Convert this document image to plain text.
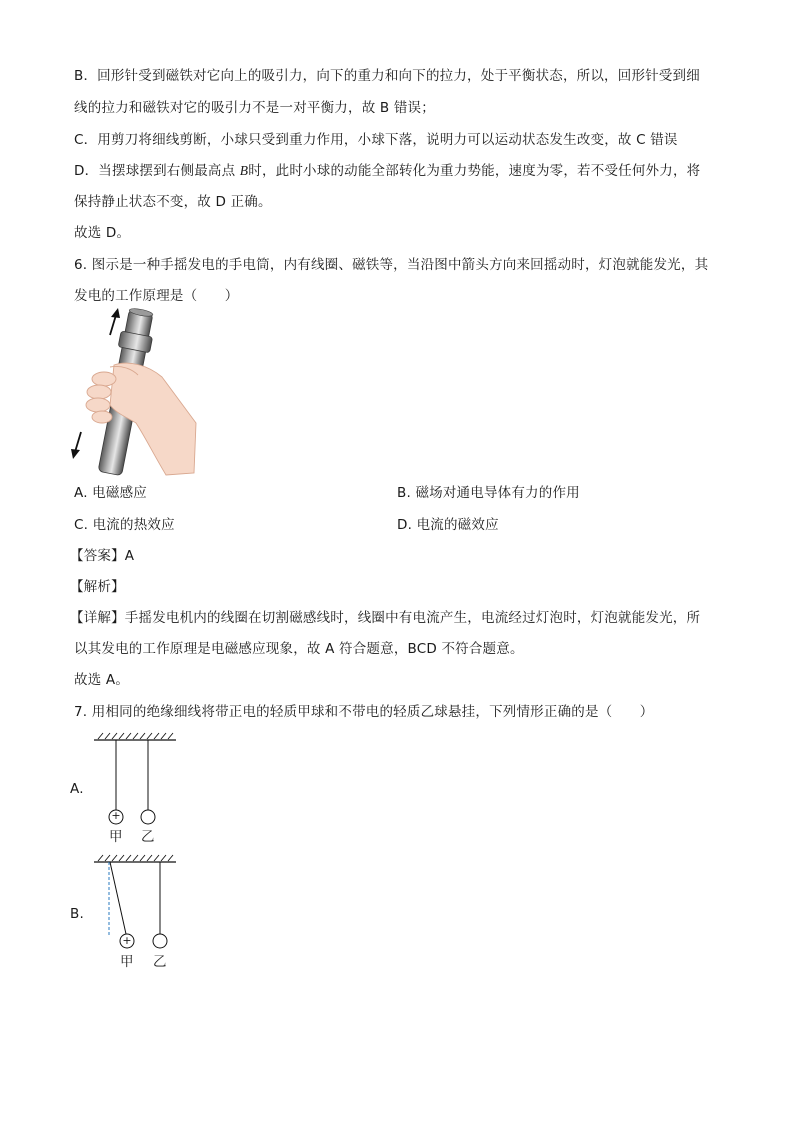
B．回形针受到磁铁对它向上的吸引力，向下的重力和向下的拉力，处于平衡状态，所以，回形针受到细
线的拉力和磁铁对它的吸引力不是一对平衡力，故 B 错误；
C．用剪刀将细线剪断，小球只受到重力作用，小球下落，说明力可以运动状态发生改变，故 C 错误
D．当摆球摆到右侧最高点 B时，此时小球的动能全部转化为重力势能，速度为零，若不受任何外力，将
保持静止状态不变，故 D 正确。
故选 D。
6. 图示是一种手摇发电的手电筒，内有线圈、磁铁等，当沿图中箭头方向来回摇动时，灯泡就能发光，其
发电的工作原理是（　　）
A. 电磁感应	B. 磁场对通电导体有力的作用
C. 电流的热效应	D. 电流的磁效应
【答案】A
【解析】
【详解】手摇发电机内的线圈在切割磁感线时，线圈中有电流产生，电流经过灯泡时，灯泡就能发光，所
以其发电的工作原理是电磁感应现象，故 A 符合题意，BCD 不符合题意。
故选 A。
7. 用相同的绝缘细线将带正电的轻质甲球和不带电的轻质乙球悬挂，下列情形正确的是（　　）
A.
+
甲 乙
B.
+
甲 乙
